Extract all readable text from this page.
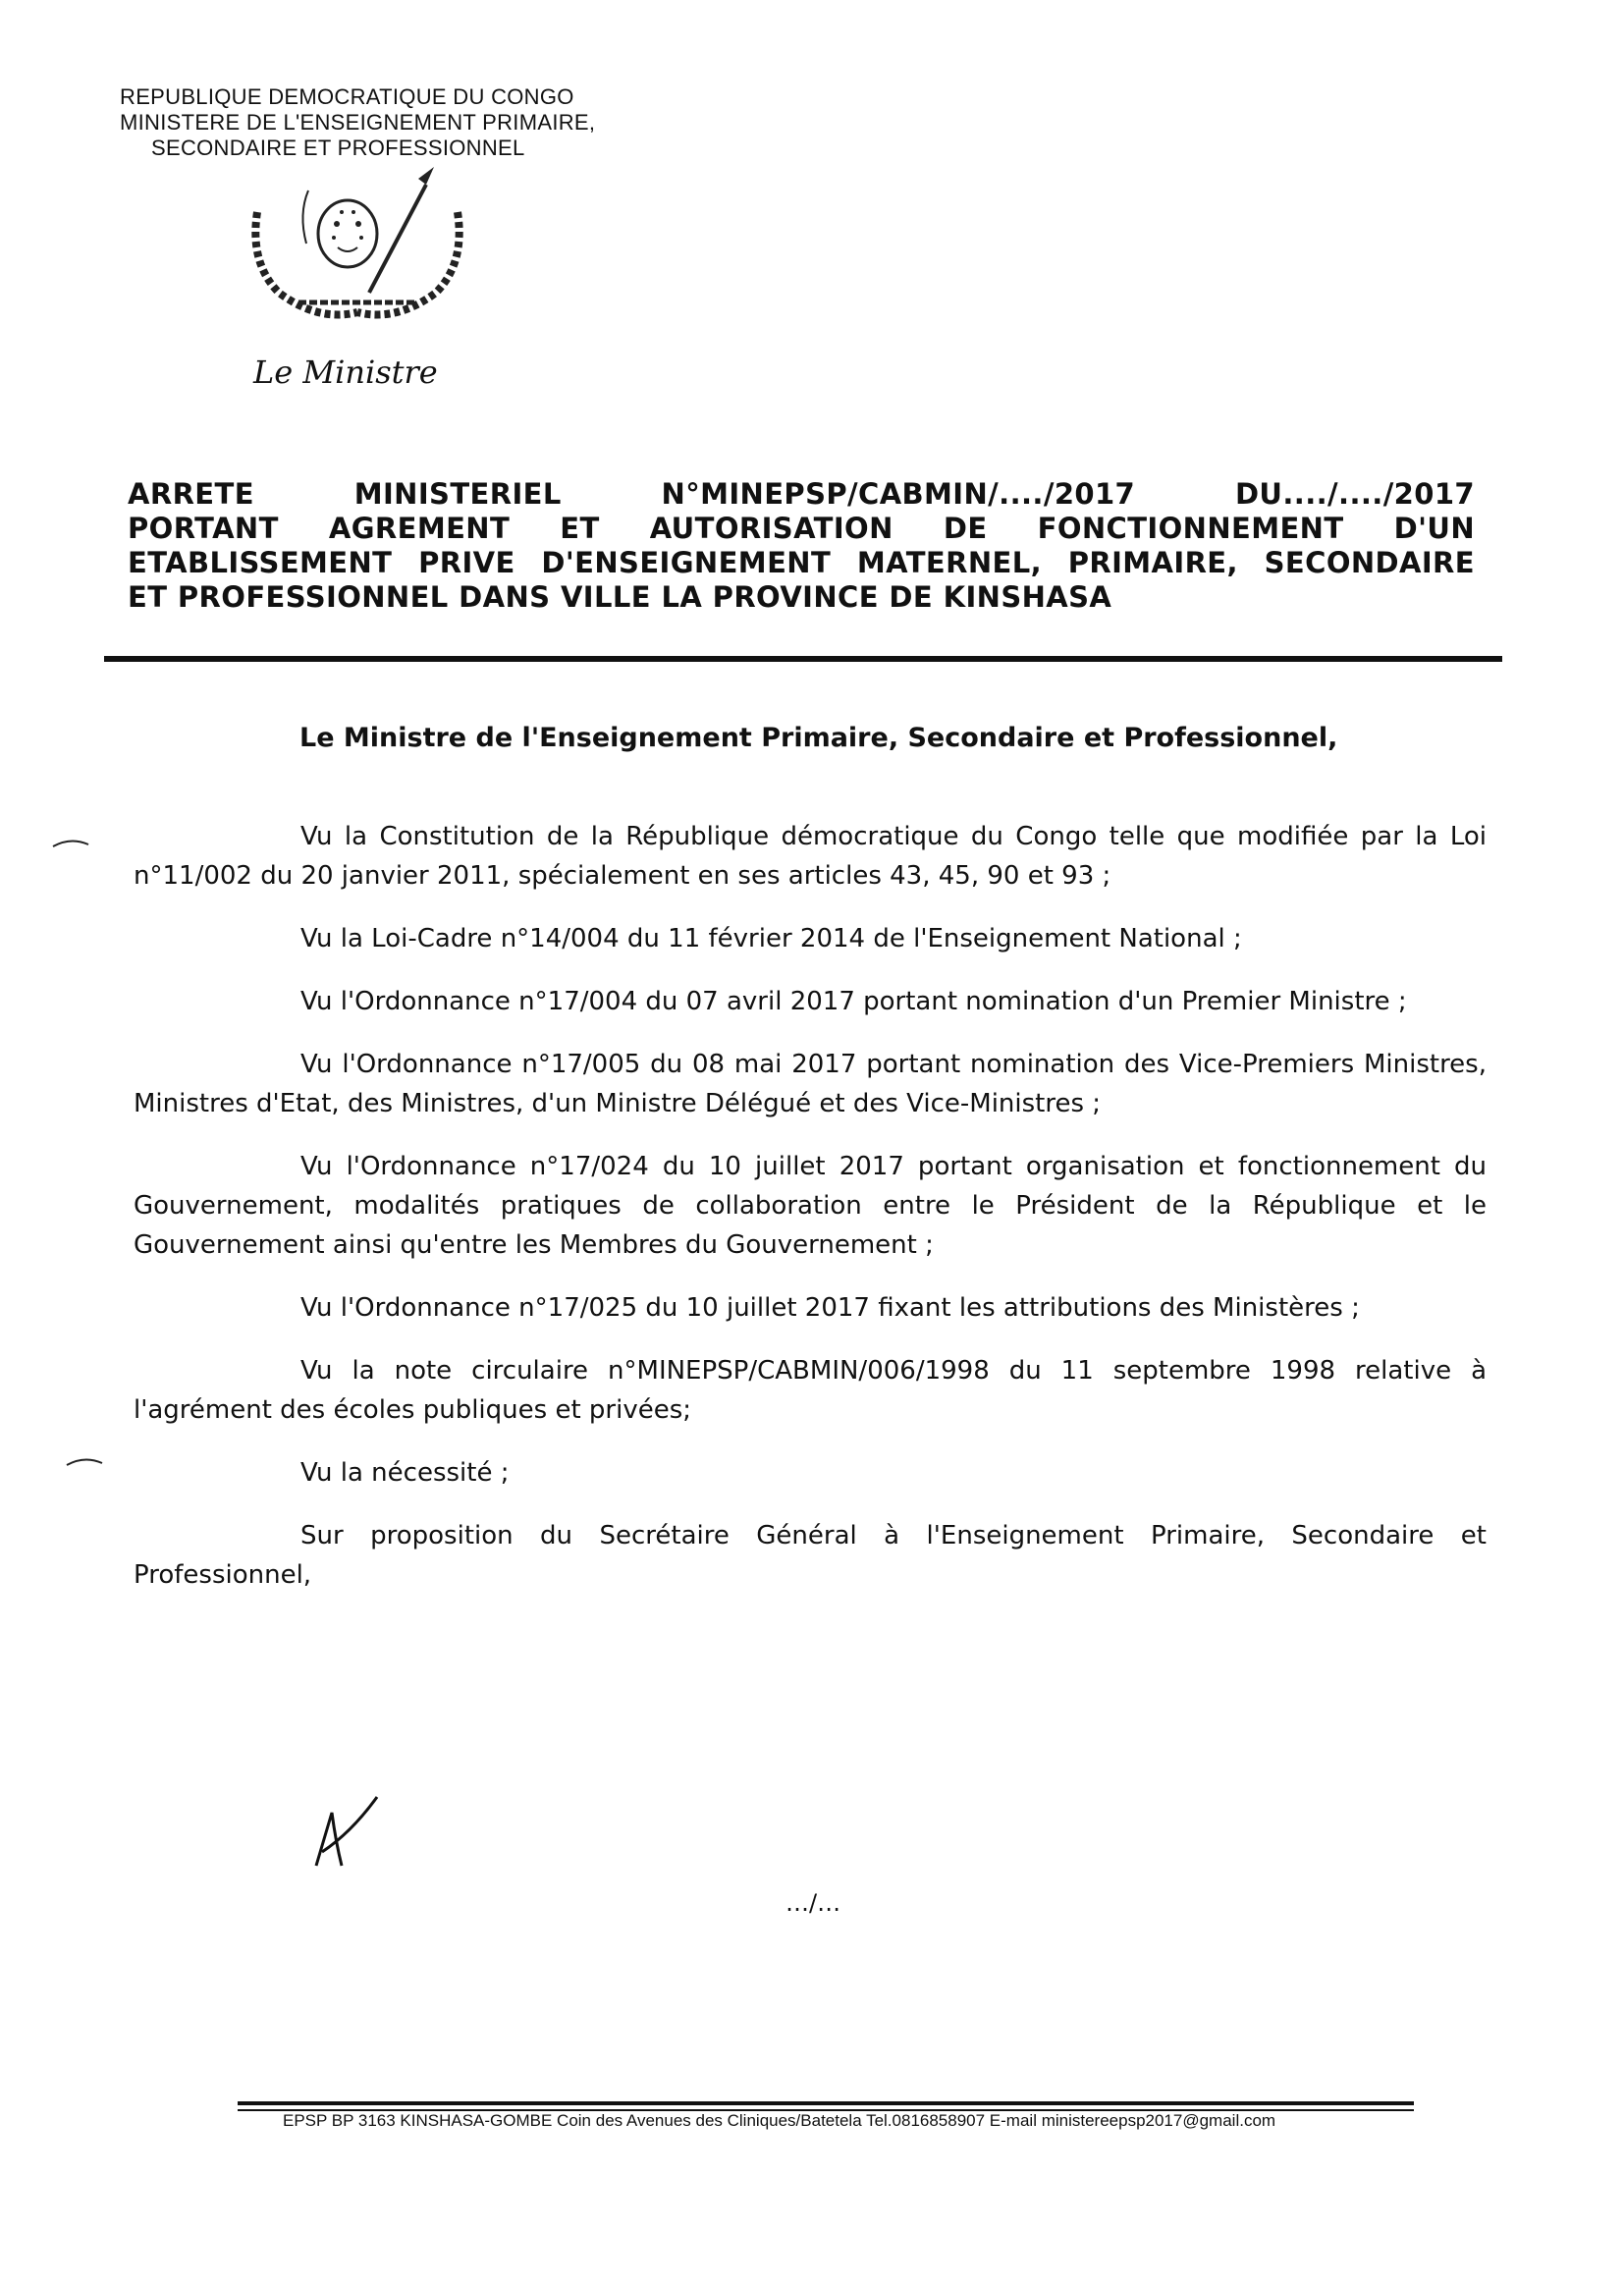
REPUBLIQUE DEMOCRATIQUE DU CONGO
MINISTERE DE L'ENSEIGNEMENT PRIMAIRE,
SECONDAIRE ET PROFESSIONNEL
Le Ministre
ARRETE MINISTERIEL N°MINEPSP/CABMIN/..../2017 DU..../..../2017
PORTANT AGREMENT ET AUTORISATION DE FONCTIONNEMENT D'UN
ETABLISSEMENT PRIVE D'ENSEIGNEMENT MATERNEL, PRIMAIRE, SECONDAIRE
ET PROFESSIONNEL DANS VILLE LA PROVINCE DE KINSHASA
Le Ministre de l'Enseignement Primaire, Secondaire et Professionnel,

Vu la Constitution de la République démocratique du Congo telle que modifiée par la Loi n°11/002 du 20 janvier 2011, spécialement en ses articles 43, 45, 90 et 93 ;

Vu la Loi-Cadre n°14/004 du 11 février 2014 de l'Enseignement National ;

Vu l'Ordonnance n°17/004 du 07 avril 2017 portant nomination d'un Premier Ministre ;

Vu l'Ordonnance n°17/005 du 08 mai 2017 portant nomination des Vice-Premiers Ministres, Ministres d'Etat, des Ministres, d'un Ministre Délégué et des Vice-Ministres ;

Vu l'Ordonnance n°17/024 du 10 juillet 2017 portant organisation et fonctionnement du Gouvernement, modalités pratiques de collaboration entre le Président de la République et le Gouvernement ainsi qu'entre les Membres du Gouvernement ;

Vu l'Ordonnance n°17/025 du 10 juillet 2017 fixant les attributions des Ministères ;

Vu la note circulaire n°MINEPSP/CABMIN/006/1998 du 11 septembre 1998 relative à l'agrément des écoles publiques et privées;

Vu la nécessité ;

Sur proposition du Secrétaire Général à l'Enseignement Primaire, Secondaire et Professionnel,

…/…
EPSP BP 3163 KINSHASA-GOMBE Coin des Avenues des Cliniques/Batetela Tel.0816858907 E-mail ministereepsp2017@gmail.com
